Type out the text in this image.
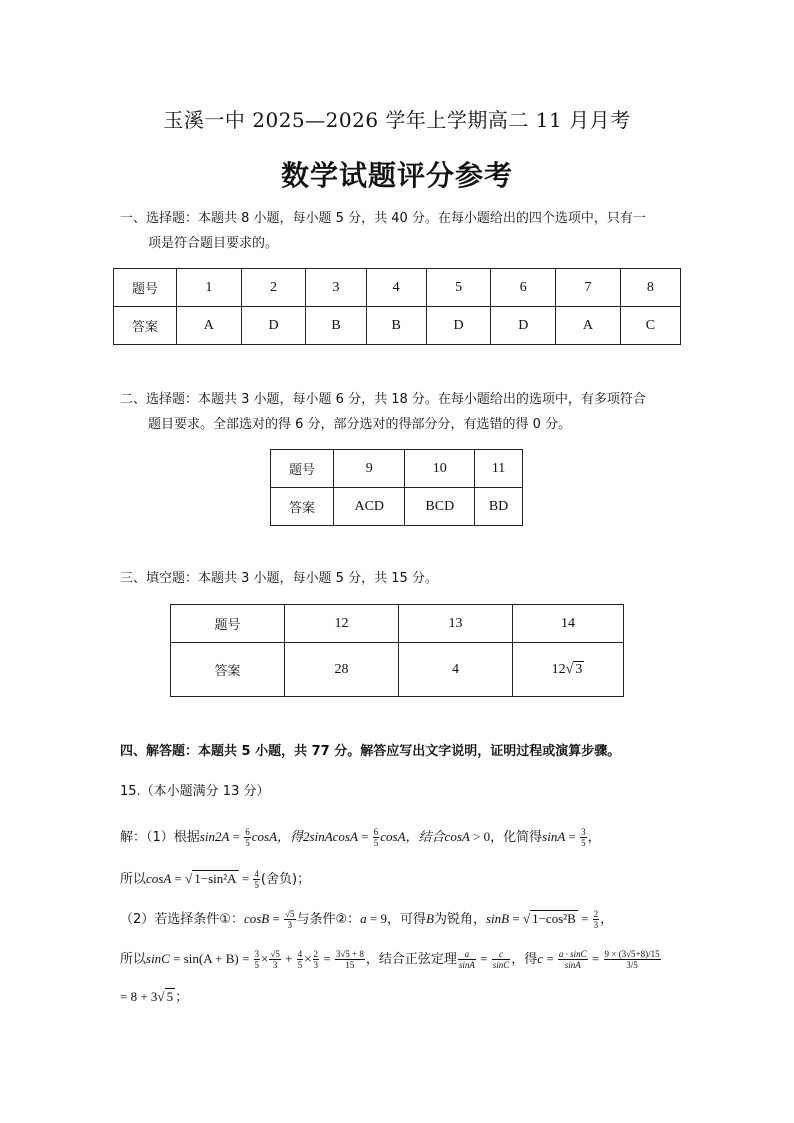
玉溪一中 2025—2026 学年上学期高二 11 月月考
数学试题评分参考
一、选择题：本题共 8 小题，每小题 5 分，共 40 分。在每小题给出的四个选项中，只有一
项是符合题目要求的。
题号	1	2	3	4	5	6	7	8
答案	A	D	B	B	D	D	A	C
二、选择题：本题共 3 小题，每小题 6 分，共 18 分。在每小题给出的选项中，有多项符合
题目要求。全部选对的得 6 分，部分选对的得部分分，有选错的得 0 分。
题号	9	10	11
答案	ACD	BCD	BD
三、填空题：本题共 3 小题，每小题 5 分，共 15 分。
题号	12	13	14
答案	28	4	12√ 3
四、解答题：本题共 5 小题，共 77 分。解答应写出文字说明，证明过程或演算步骤。
15.（本小题满分 13 分）
解：（1）根据$\sin 2A = \frac{6}{5}$ cosA，得2sinAcosA = $\frac{6}{5}$ cosA，结合cosA > 0，化简得$\sin A = \frac{3}{5}$ ，
所以cosA = √ $1-\sin^2A = \frac{4}{5}$ (舍负)；
（2）若选择条件①：$\cos B = \frac{√5}{3}$ 与条件②：a = 9，可得B为锐角，sinB = √ $1-\cos^2B = \frac{2}{3}$ ，
所以$\sin C = \sin(A + B) = \frac{3}{5} \times \frac{√5}{3} + \frac{4}{5} \times \frac{2}{3} = \frac{3√5 + 8}{15}$ ，结合正弦定理 $\frac{a}{\sin A} = \frac{c}{\sin C}$ ，得$c = \frac{a \cdot \sin C}{\sin A} = \frac{9 \times (3√5+8)/15}{3/5}$
= 8 + 3√ 5 ；
